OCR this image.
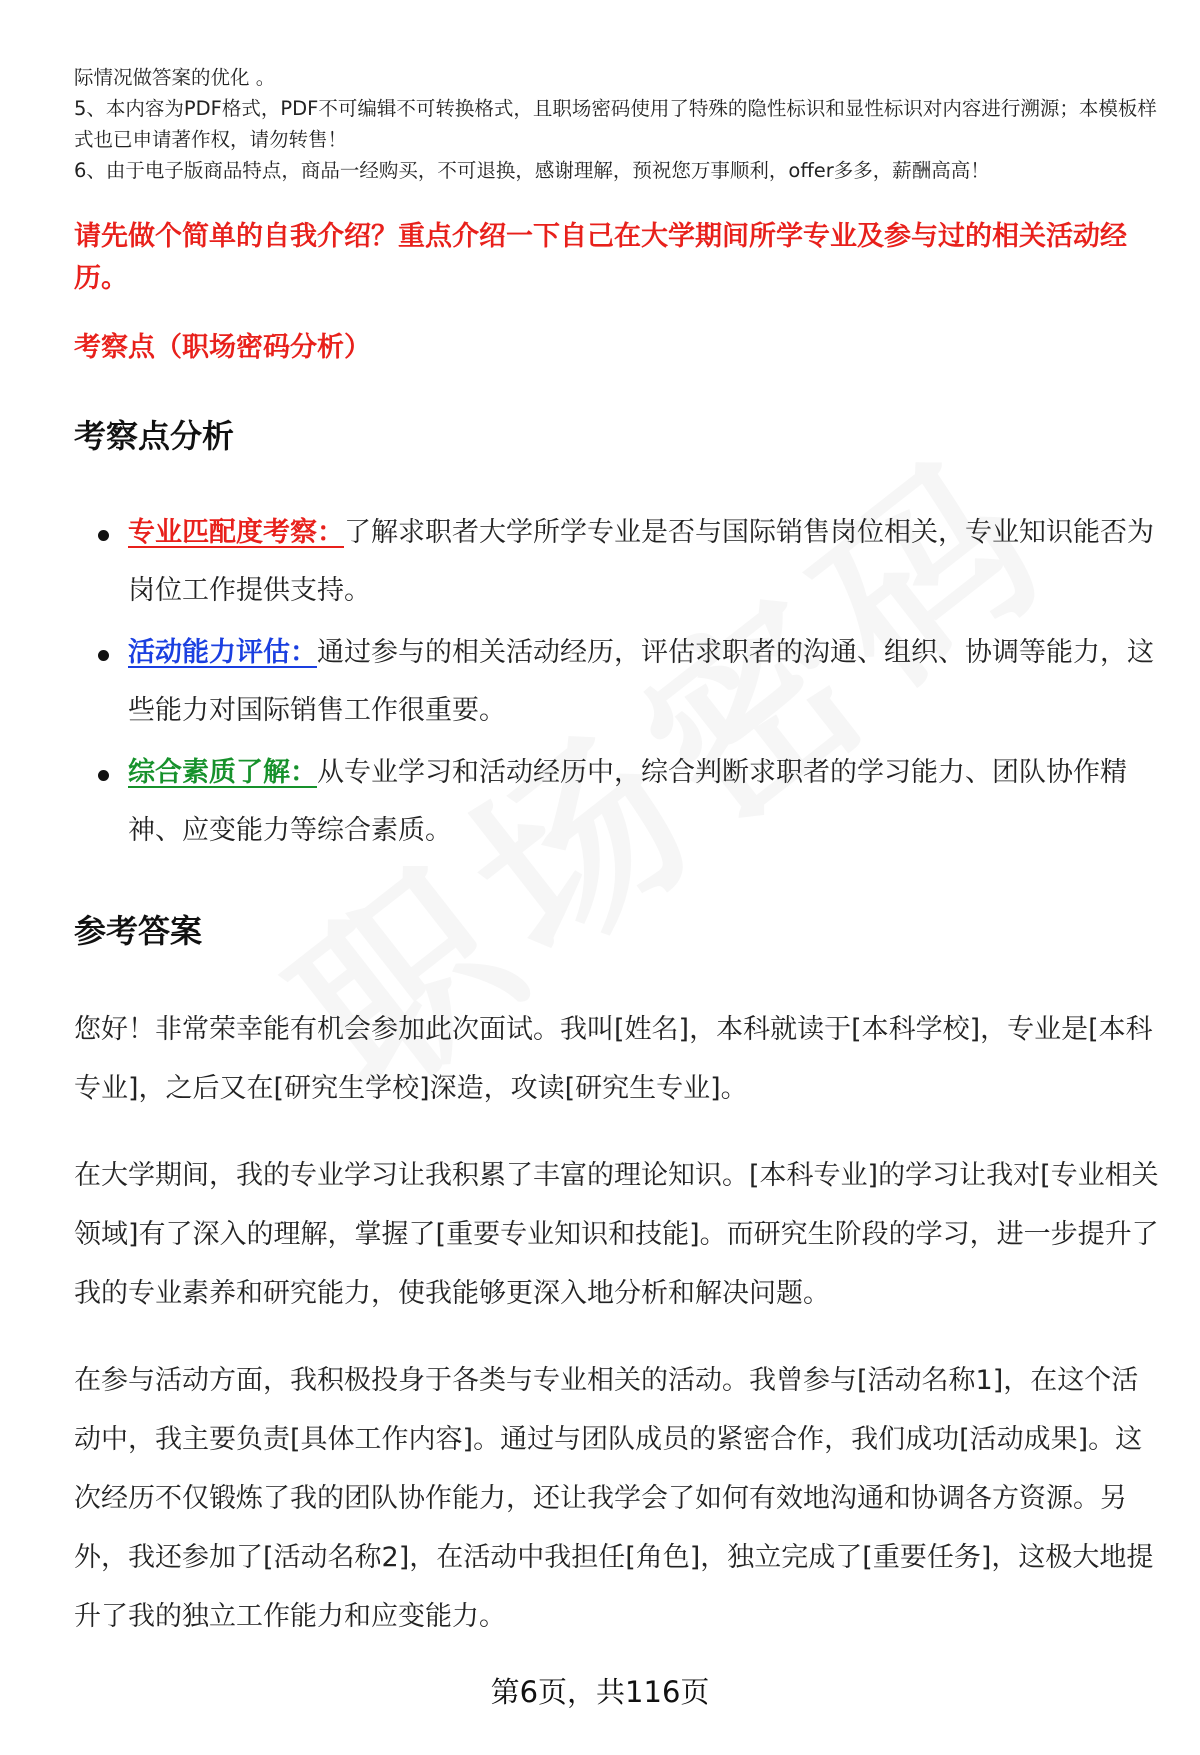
际情况做答案的优化 。

5、本内容为PDF格式，PDF不可编辑不可转换格式，且职场密码使用了特殊的隐性标识和显性标识对内容进行溯源；本模板样式也已申请著作权，请勿转售！

6、由于电子版商品特点，商品一经购买，不可退换，感谢理解，预祝您万事顺利，offer多多，薪酬高高！

请先做个简单的自我介绍？重点介绍一下自己在大学期间所学专业及参与过的相关活动经历。

考察点（职场密码分析）

考察点分析
专业匹配度考察：了解求职者大学所学专业是否与国际销售岗位相关，专业知识能否为岗位工作提供支持。
活动能力评估：通过参与的相关活动经历，评估求职者的沟通、组织、协调等能力，这些能力对国际销售工作很重要。
综合素质了解：从专业学习和活动经历中，综合判断求职者的学习能力、团队协作精神、应变能力等综合素质。
参考答案

您好！非常荣幸能有机会参加此次面试。我叫[姓名]，本科就读于[本科学校]，专业是[本科专业]，之后又在[研究生学校]深造，攻读[研究生专业]。

在大学期间，我的专业学习让我积累了丰富的理论知识。[本科专业]的学习让我对[专业相关领域]有了深入的理解，掌握了[重要专业知识和技能]。而研究生阶段的学习，进一步提升了我的专业素养和研究能力，使我能够更深入地分析和解决问题。

在参与活动方面，我积极投身于各类与专业相关的活动。我曾参与[活动名称1]，在这个活动中，我主要负责[具体工作内容]。通过与团队成员的紧密合作，我们成功[活动成果]。这次经历不仅锻炼了我的团队协作能力，还让我学会了如何有效地沟通和协调各方资源。另外，我还参加了[活动名称2]，在活动中我担任[角色]，独立完成了[重要任务]，这极大地提升了我的独立工作能力和应变能力。

第6页，共116页
